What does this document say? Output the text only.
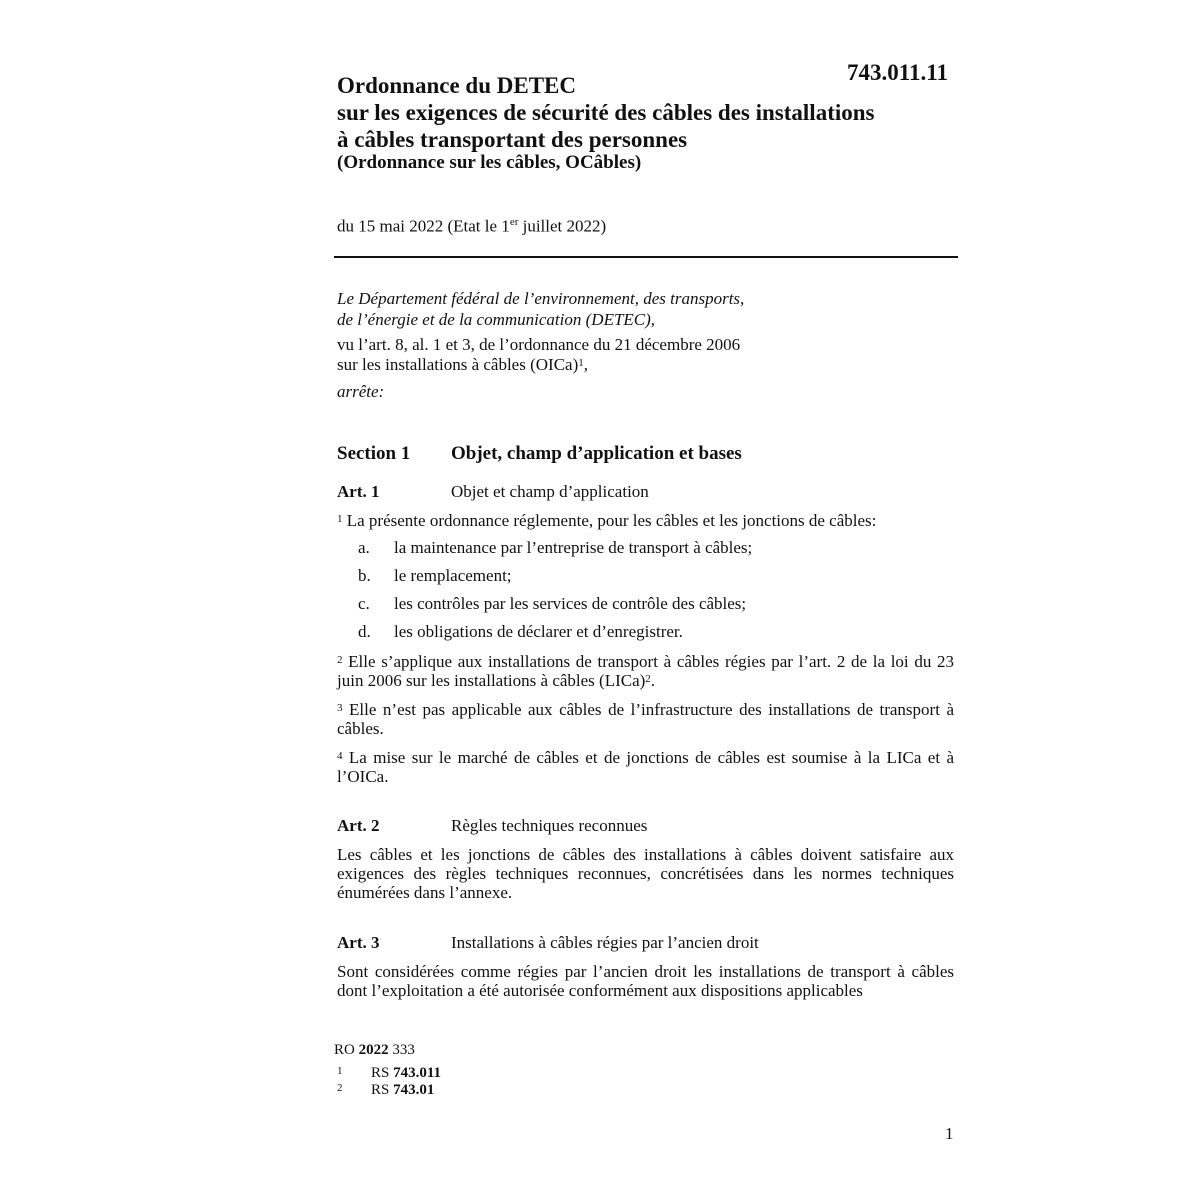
743.011.11
Ordonnance du DETEC
sur les exigences de sécurité des câbles des installations
à câbles transportant des personnes
(Ordonnance sur les câbles, OCâbles)
du 15 mai 2022 (Etat le 1er juillet 2022)
Le Département fédéral de l’environnement, des transports,
de l’énergie et de la communication (DETEC),
vu l’art. 8, al. 1 et 3, de l’ordonnance du 21 décembre 2006
sur les installations à câbles (OICa)$^1$,
arrête:
Section 1 Objet, champ d’application et bases
Art. 1	Objet et champ d’application
$^1$ La présente ordonnance réglemente, pour les câbles et les jonctions de câbles:
a. la maintenance par l’entreprise de transport à câbles;
b. le remplacement;
c. les contrôles par les services de contrôle des câbles;
d. les obligations de déclarer et d’enregistrer.
$^2$ Elle s’applique aux installations de transport à câbles régies par l’art. 2 de la loi du 23 juin 2006 sur les installations à câbles (LICa)$^2$.
$^3$ Elle n’est pas applicable aux câbles de l’infrastructure des installations de transport à câbles.
$^4$ La mise sur le marché de câbles et de jonctions de câbles est soumise à la LICa et à l’OICa.
Art. 2	Règles techniques reconnues
Les câbles et les jonctions de câbles des installations à câbles doivent satisfaire aux exigences des règles techniques reconnues, concrétisées dans les normes techniques énumérées dans l’annexe.
Art. 3	Installations à câbles régies par l’ancien droit
Sont considérées comme régies par l’ancien droit les installations de transport à câbles dont l’exploitation a été autorisée conformément aux dispositions applicables
RO 2022 333
1 RS 743.011
2 RS 743.01
1
